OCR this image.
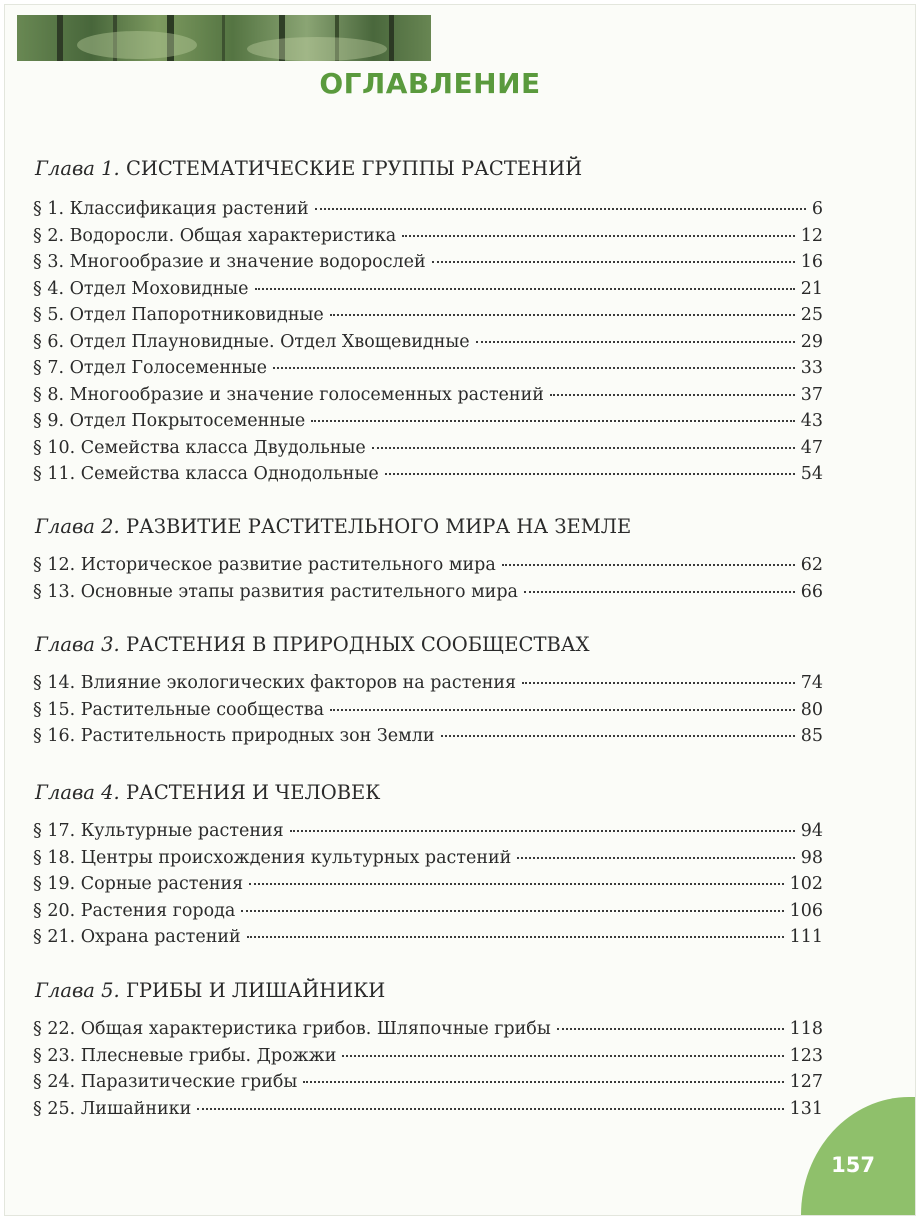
ОГЛАВЛЕНИЕ
Глава 1. СИСТЕМАТИЧЕСКИЕ ГРУППЫ РАСТЕНИЙ
§ 1. Классификация растений	6
§ 2. Водоросли. Общая характеристика	12
§ 3. Многообразие и значение водорослей	16
§ 4. Отдел Моховидные	21
§ 5. Отдел Папоротниковидные	25
§ 6. Отдел Плауновидные. Отдел Хвощевидные	29
§ 7. Отдел Голосеменные	33
§ 8. Многообразие и значение голосеменных растений	37
§ 9. Отдел Покрытосеменные	43
§ 10. Семейства класса Двудольные	47
§ 11. Семейства класса Однодольные	54
Глава 2. РАЗВИТИЕ РАСТИТЕЛЬНОГО МИРА НА ЗЕМЛЕ
§ 12. Историческое развитие растительного мира	62
§ 13. Основные этапы развития растительного мира	66
Глава 3. РАСТЕНИЯ В ПРИРОДНЫХ СООБЩЕСТВАХ
§ 14. Влияние экологических факторов на растения	74
§ 15. Растительные сообщества	80
§ 16. Растительность природных зон Земли	85
Глава 4. РАСТЕНИЯ И ЧЕЛОВЕК
§ 17. Культурные растения	94
§ 18. Центры происхождения культурных растений	98
§ 19. Сорные растения	102
§ 20. Растения города	106
§ 21. Охрана растений	111
Глава 5. ГРИБЫ И ЛИШАЙНИКИ
§ 22. Общая характеристика грибов. Шляпочные грибы	118
§ 23. Плесневые грибы. Дрожжи	123
§ 24. Паразитические грибы	127
§ 25. Лишайники	131
157
